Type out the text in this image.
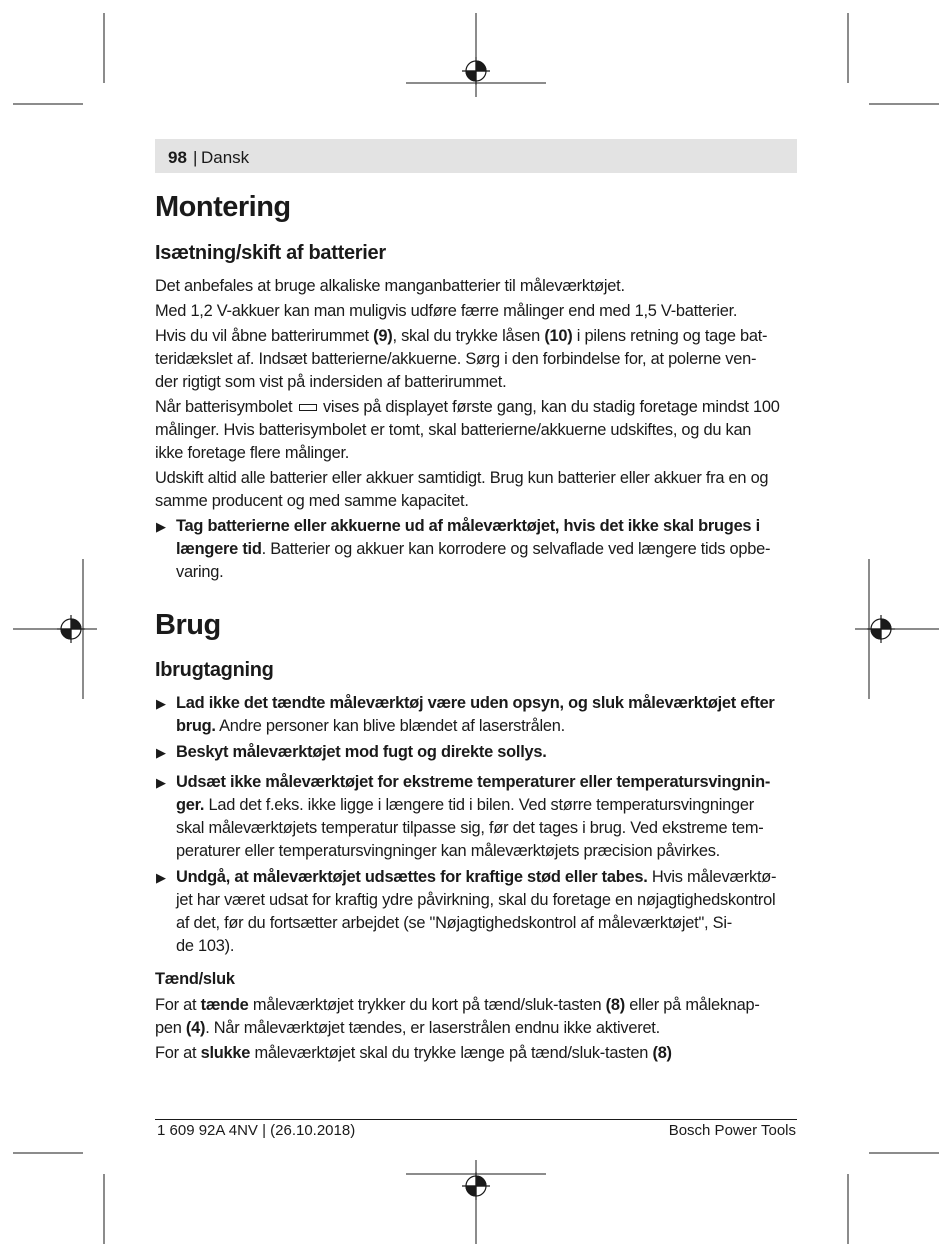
98 | Dansk
Montering
Isætning/skift af batterier

Det anbefales at bruge alkaliske manganbatterier til måleværktøjet.

Med 1,2 V-akkuer kan man muligvis udføre færre målinger end med 1,5 V-batterier.

Hvis du vil åbne batterirummet (9), skal du trykke låsen (10) i pilens retning og tage bat-
teridækslet af. Indsæt batterierne/akkuerne. Sørg i den forbindelse for, at polerne ven-
der rigtigt som vist på indersiden af batterirummet.

Når batterisymbolet  vises på displayet første gang, kan du stadig foretage mindst 100
målinger. Hvis batterisymbolet er tomt, skal batterierne/akkuerne udskiftes, og du kan
ikke foretage flere målinger.

Udskift altid alle batterier eller akkuer samtidigt. Brug kun batterier eller akkuer fra en og
samme producent og med samme kapacitet.

▶ Tag batterierne eller akkuerne ud af måleværktøjet, hvis det ikke skal bruges i
længere tid. Batterier og akkuer kan korrodere og selvaflade ved længere tids opbe-
varing.
Brug
Ibrugtagning
▶ Lad ikke det tændte måleværktøj være uden opsyn, og sluk måleværktøjet efter
brug. Andre personer kan blive blændet af laserstrålen.
▶ Beskyt måleværktøjet mod fugt og direkte sollys.
▶ Udsæt ikke måleværktøjet for ekstreme temperaturer eller temperatursvingnin-
ger. Lad det f.eks. ikke ligge i længere tid i bilen. Ved større temperatursvingninger
skal måleværktøjets temperatur tilpasse sig, før det tages i brug. Ved ekstreme tem-
peraturer eller temperatursvingninger kan måleværktøjets præcision påvirkes.
▶ Undgå, at måleværktøjet udsættes for kraftige stød eller tabes. Hvis måleværktø-
jet har været udsat for kraftig ydre påvirkning, skal du foretage en nøjagtighedskontrol
af det, før du fortsætter arbejdet (se "Nøjagtighedskontrol af måleværktøjet", Si-
de 103).
Tænd/sluk

For at tænde måleværktøjet trykker du kort på tænd/sluk-tasten (8) eller på måleknap-
pen (4). Når måleværktøjet tændes, er laserstrålen endnu ikke aktiveret.

For at slukke måleværktøjet skal du trykke længe på tænd/sluk-tasten (8)

1 609 92A 4NV | (26.10.2018)	Bosch Power Tools
